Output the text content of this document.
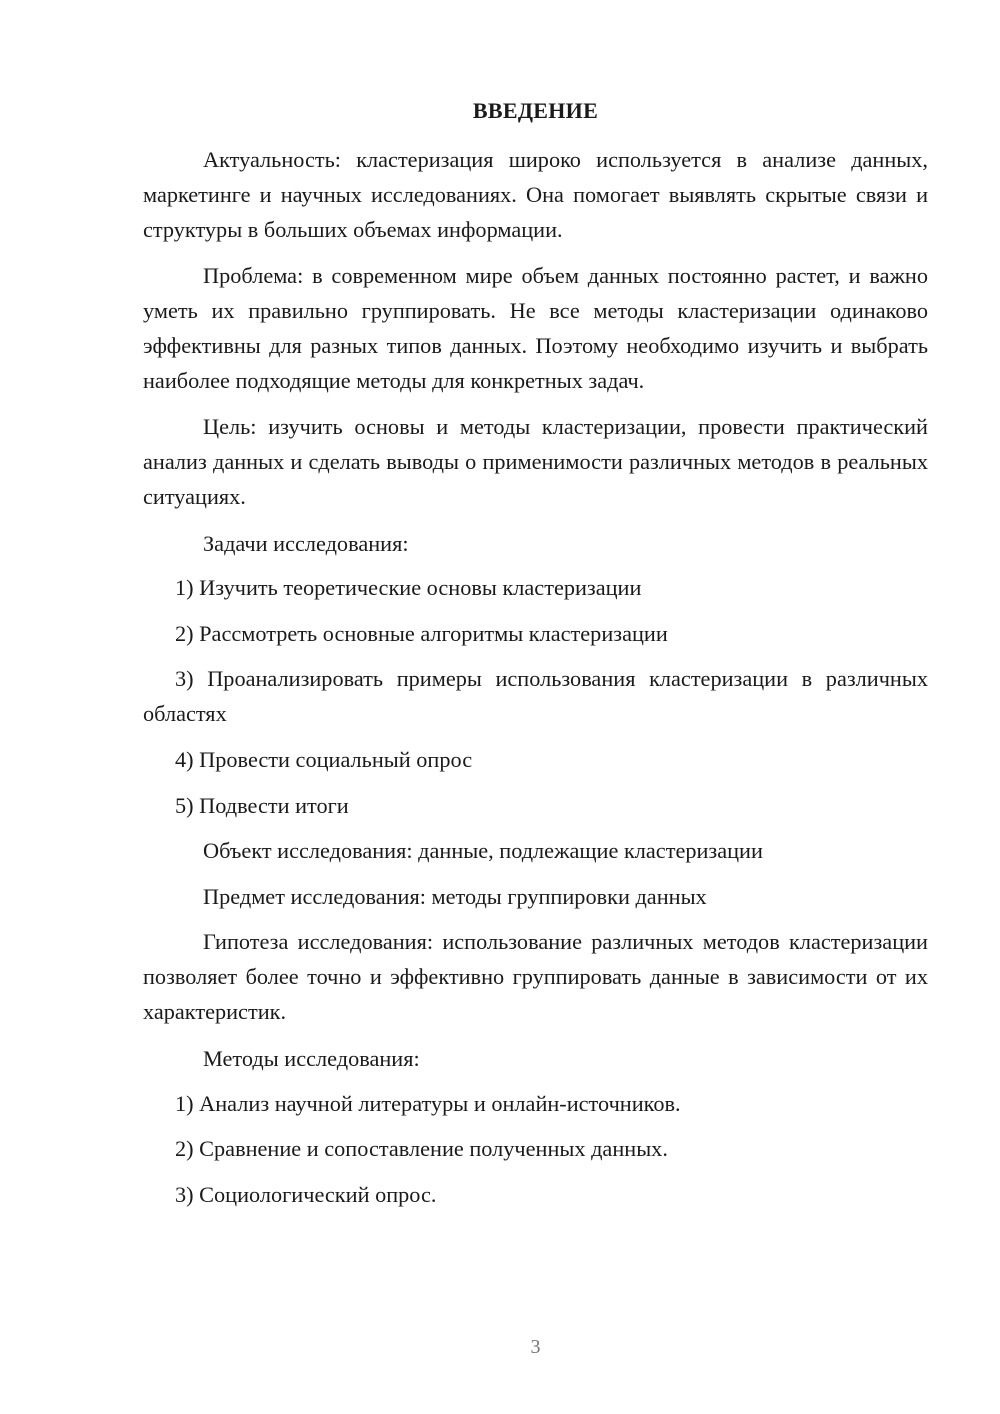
ВВЕДЕНИЕ

Актуальность: кластеризация широко используется в анализе данных, маркетинге и научных исследованиях. Она помогает выявлять скрытые связи и структуры в больших объемах информации.

Проблема: в современном мире объем данных постоянно растет, и важно уметь их правильно группировать. Не все методы кластеризации одинаково эффективны для разных типов данных. Поэтому необходимо изучить и выбрать наиболее подходящие методы для конкретных задач.

Цель: изучить основы и методы кластеризации, провести практический анализ данных и сделать выводы о применимости различных методов в реальных ситуациях.

Задачи исследования:

1) Изучить теоретические основы кластеризации

2) Рассмотреть основные алгоритмы кластеризации

3) Проанализировать примеры использования кластеризации в различных областях

4) Провести социальный опрос

5) Подвести итоги

Объект исследования: данные, подлежащие кластеризации

Предмет исследования: методы группировки данных

Гипотеза исследования: использование различных методов кластеризации позволяет более точно и эффективно группировать данные в зависимости от их характеристик.

Методы исследования:

1) Анализ научной литературы и онлайн-источников.

2) Сравнение и сопоставление полученных данных.

3) Социологический опрос.

3
